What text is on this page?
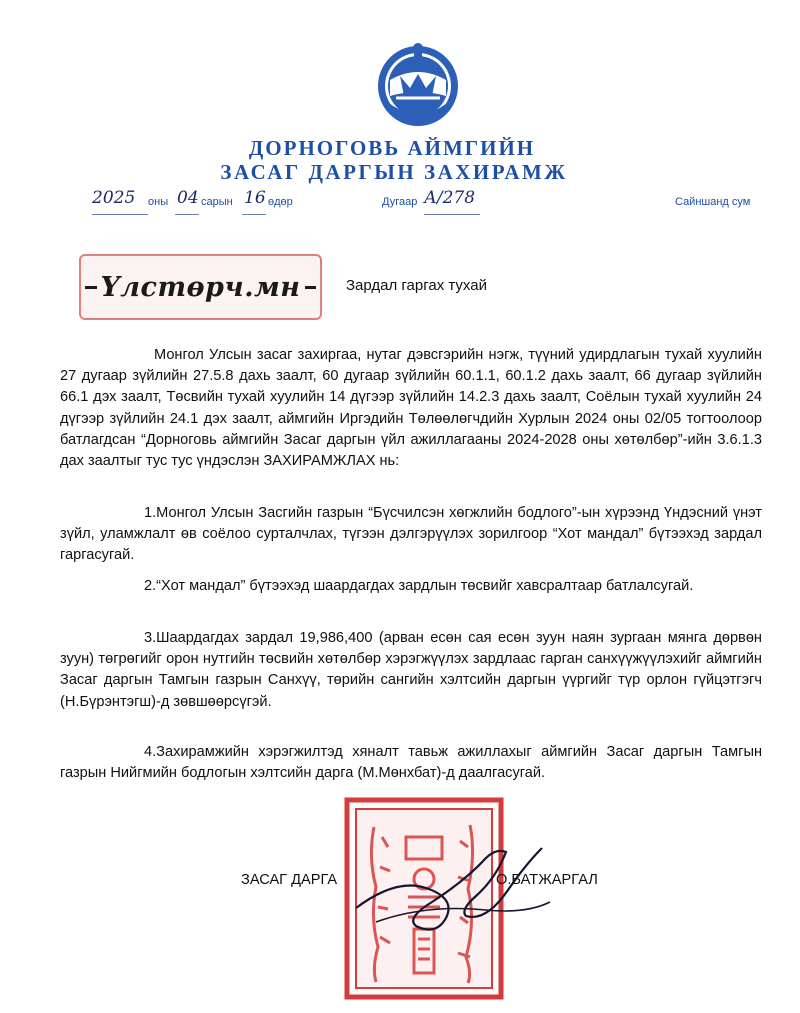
ДОРНОГОВЬ АЙМГИЙН
ЗАСАГ ДАРГЫН ЗАХИРАМЖ
2025 оны 04 сарын 16 өдөр	Дугаар А/278	Сайншанд сум
Үлстөрч.мн	Зардал гаргах тухай
Монгол Улсын засаг захиргаа, нутаг дэвсгэрийн нэгж, түүний удирдлагын тухай хуулийн 27 дугаар зүйлийн 27.5.8 дахь заалт, 60 дугаар зүйлийн 60.1.1, 60.1.2 дахь заалт, 66 дугаар зүйлийн 66.1 дэх заалт, Төсвийн тухай хуулийн 14 дүгээр зүйлийн 14.2.3 дахь заалт, Соёлын тухай хуулийн 24 дүгээр зүйлийн 24.1 дэх заалт, аймгийн Иргэдийн Төлөөлөгчдийн Хурлын 2024 оны 02/05 тогтоолоор батлагдсан “Дорноговь аймгийн Засаг даргын үйл ажиллагааны 2024-2028 оны хөтөлбөр”-ийн 3.6.1.3 дах заалтыг тус тус үндэслэн ЗАХИРАМЖЛАХ нь:
1.Монгол Улсын Засгийн газрын “Бүсчилсэн хөгжлийн бодлого”-ын хүрээнд Үндэсний үнэт зүйл, уламжлалт өв соёлоо сурталчлах, түгээн дэлгэрүүлэх зорилгоор “Хот мандал” бүтээхэд зардал гаргасугай.
2.“Хот мандал” бүтээхэд шаардагдах зардлын төсвийг хавсралтаар батлалсугай.
3.Шаардагдах зардал 19,986,400 (арван есөн сая есөн зуун наян зургаан мянга дөрвөн зуун) төгрөгийг орон нутгийн төсвийн хөтөлбөр хэрэгжүүлэх зардлаас гарган санхүүжүүлэхийг аймгийн Засаг даргын Тамгын газрын Санхүү, төрийн сангийн хэлтсийн даргын үүргийг түр орлон гүйцэтгэгч (Н.Бүрэнтэгш)-д зөвшөөрсүгэй.
4.Захирамжийн хэрэгжилтэд хяналт тавьж ажиллахыг аймгийн Засаг даргын Тамгын газрын Нийгмийн бодлогын хэлтсийн дарга (М.Мөнхбат)-д даалгасугай.
ЗАСАГ ДАРГА	О.БАТЖАРГАЛ
